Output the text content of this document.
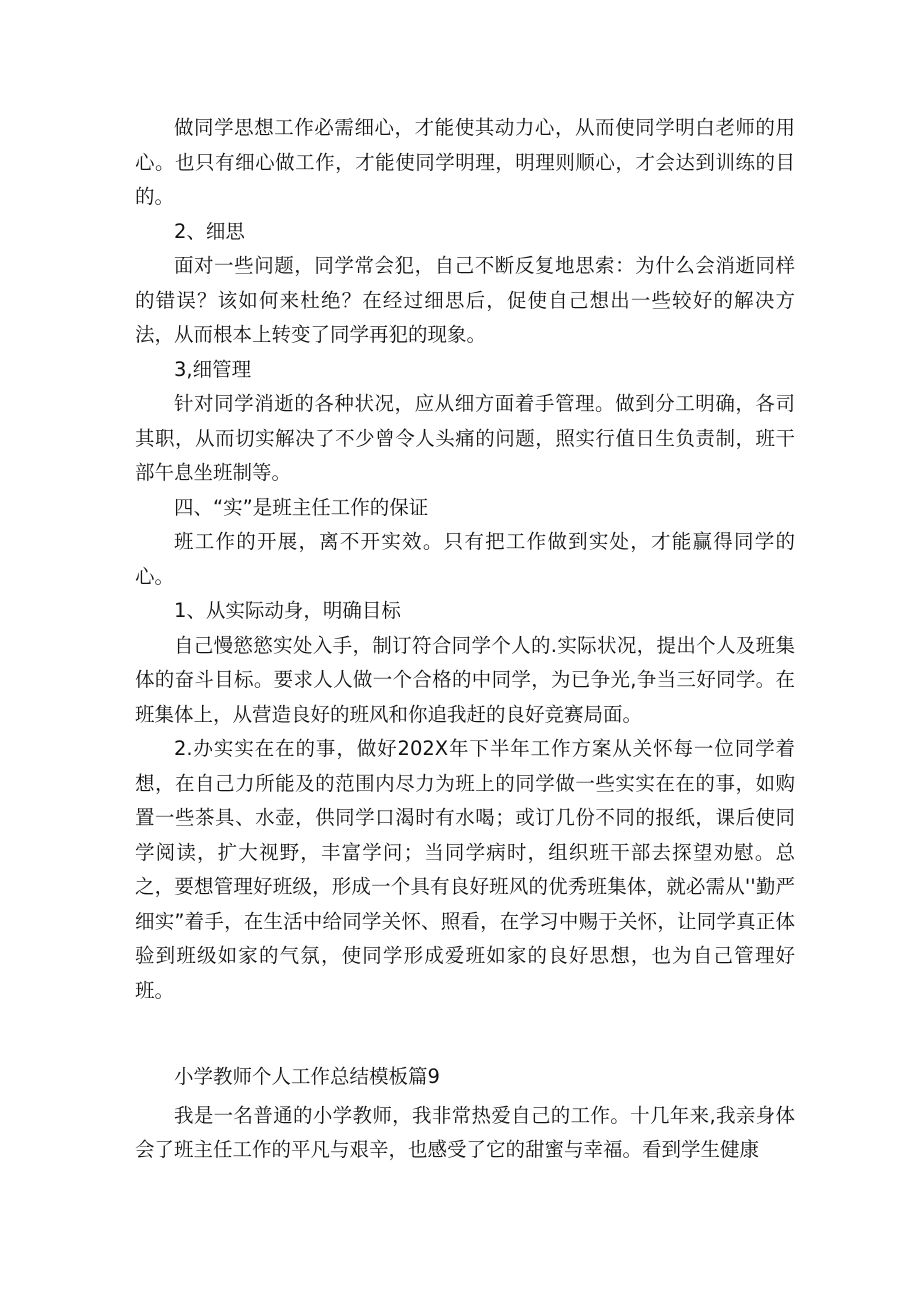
做同学思想工作必需细心，才能使其动力心，从而使同学明白老师的用心。也只有细心做工作，才能使同学明理，明理则顺心，才会达到训练的目的。

2、细思

面对一些问题，同学常会犯，自己不断反复地思索：为什么会消逝同样的错误？该如何来杜绝？在经过细思后，促使自己想出一些较好的解决方法，从而根本上转变了同学再犯的现象。

3,细管理

针对同学消逝的各种状况，应从细方面着手管理。做到分工明确，各司其职，从而切实解决了不少曾令人头痛的问题，照实行值日生负责制，班干部午息坐班制等。

四、“实”是班主任工作的保证

班工作的开展，离不开实效。只有把工作做到实处，才能赢得同学的心。

1、从实际动身，明确目标

自己慢慾慾实处入手，制订符合同学个人的.实际状况，提出个人及班集体的奋斗目标。要求人人做一个合格的中同学，为已争光,争当三好同学。在班集体上，从营造良好的班风和你追我赶的良好竞赛局面。

2.办实实在在的事，做好202X年下半年工作方案从关怀每一位同学着想，在自己力所能及的范围内尽力为班上的同学做一些实实在在的事，如购置一些茶具、水壶，供同学口渴时有水喝；或订几份不同的报纸，课后使同学阅读，扩大视野，丰富学问；当同学病时，组织班干部去探望劝慰。总之，要想管理好班级，形成一个具有良好班风的优秀班集体，就必需从''勤严细实”着手，在生活中给同学关怀、照看，在学习中赐于关怀，让同学真正体验到班级如家的气氛，使同学形成爱班如家的良好思想，也为自己管理好班。

小学教师个人工作总结模板篇9

我是一名普通的小学教师，我非常热爱自己的工作。十几年来,我亲身体会了班主任工作的平凡与艰辛，也感受了它的甜蜜与幸福。看到学生健康
